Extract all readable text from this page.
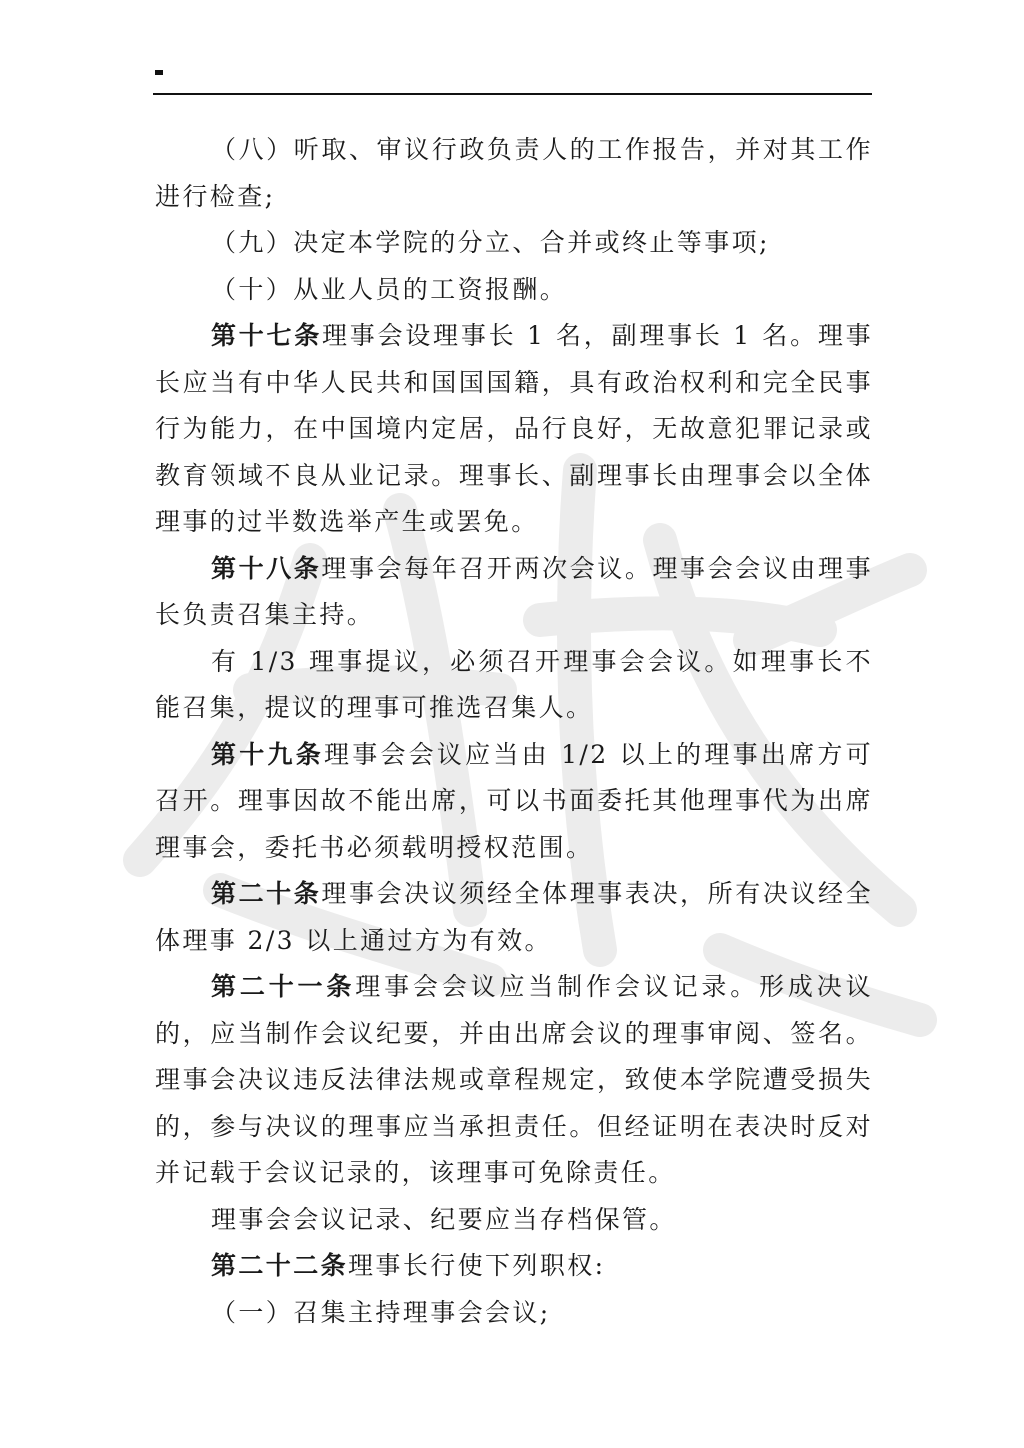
（八）听取、审议行政负责人的工作报告，并对其工作进行检查;

（九）决定本学院的分立、合并或终止等事项;

（十）从业人员的工资报酬。

第十七条理事会设理事长 1 名，副理事长 1 名。理事长应当有中华人民共和国国国籍，具有政治权利和完全民事行为能力，在中国境内定居，品行良好，无故意犯罪记录或教育领域不良从业记录。理事长、副理事长由理事会以全体理事的过半数选举产生或罢免。

第十八条理事会每年召开两次会议。理事会会议由理事长负责召集主持。

有 1/3 理事提议，必须召开理事会会议。如理事长不能召集，提议的理事可推选召集人。

第十九条理事会会议应当由 1/2 以上的理事出席方可召开。理事因故不能出席，可以书面委托其他理事代为出席理事会，委托书必须载明授权范围。

第二十条理事会决议须经全体理事表决，所有决议经全体理事 2/3 以上通过方为有效。

第二十一条理事会会议应当制作会议记录。形成决议的，应当制作会议纪要，并由出席会议的理事审阅、签名。理事会决议违反法律法规或章程规定，致使本学院遭受损失的，参与决议的理事应当承担责任。但经证明在表决时反对并记载于会议记录的，该理事可免除责任。

理事会会议记录、纪要应当存档保管。

第二十二条理事长行使下列职权:

（一）召集主持理事会会议;
